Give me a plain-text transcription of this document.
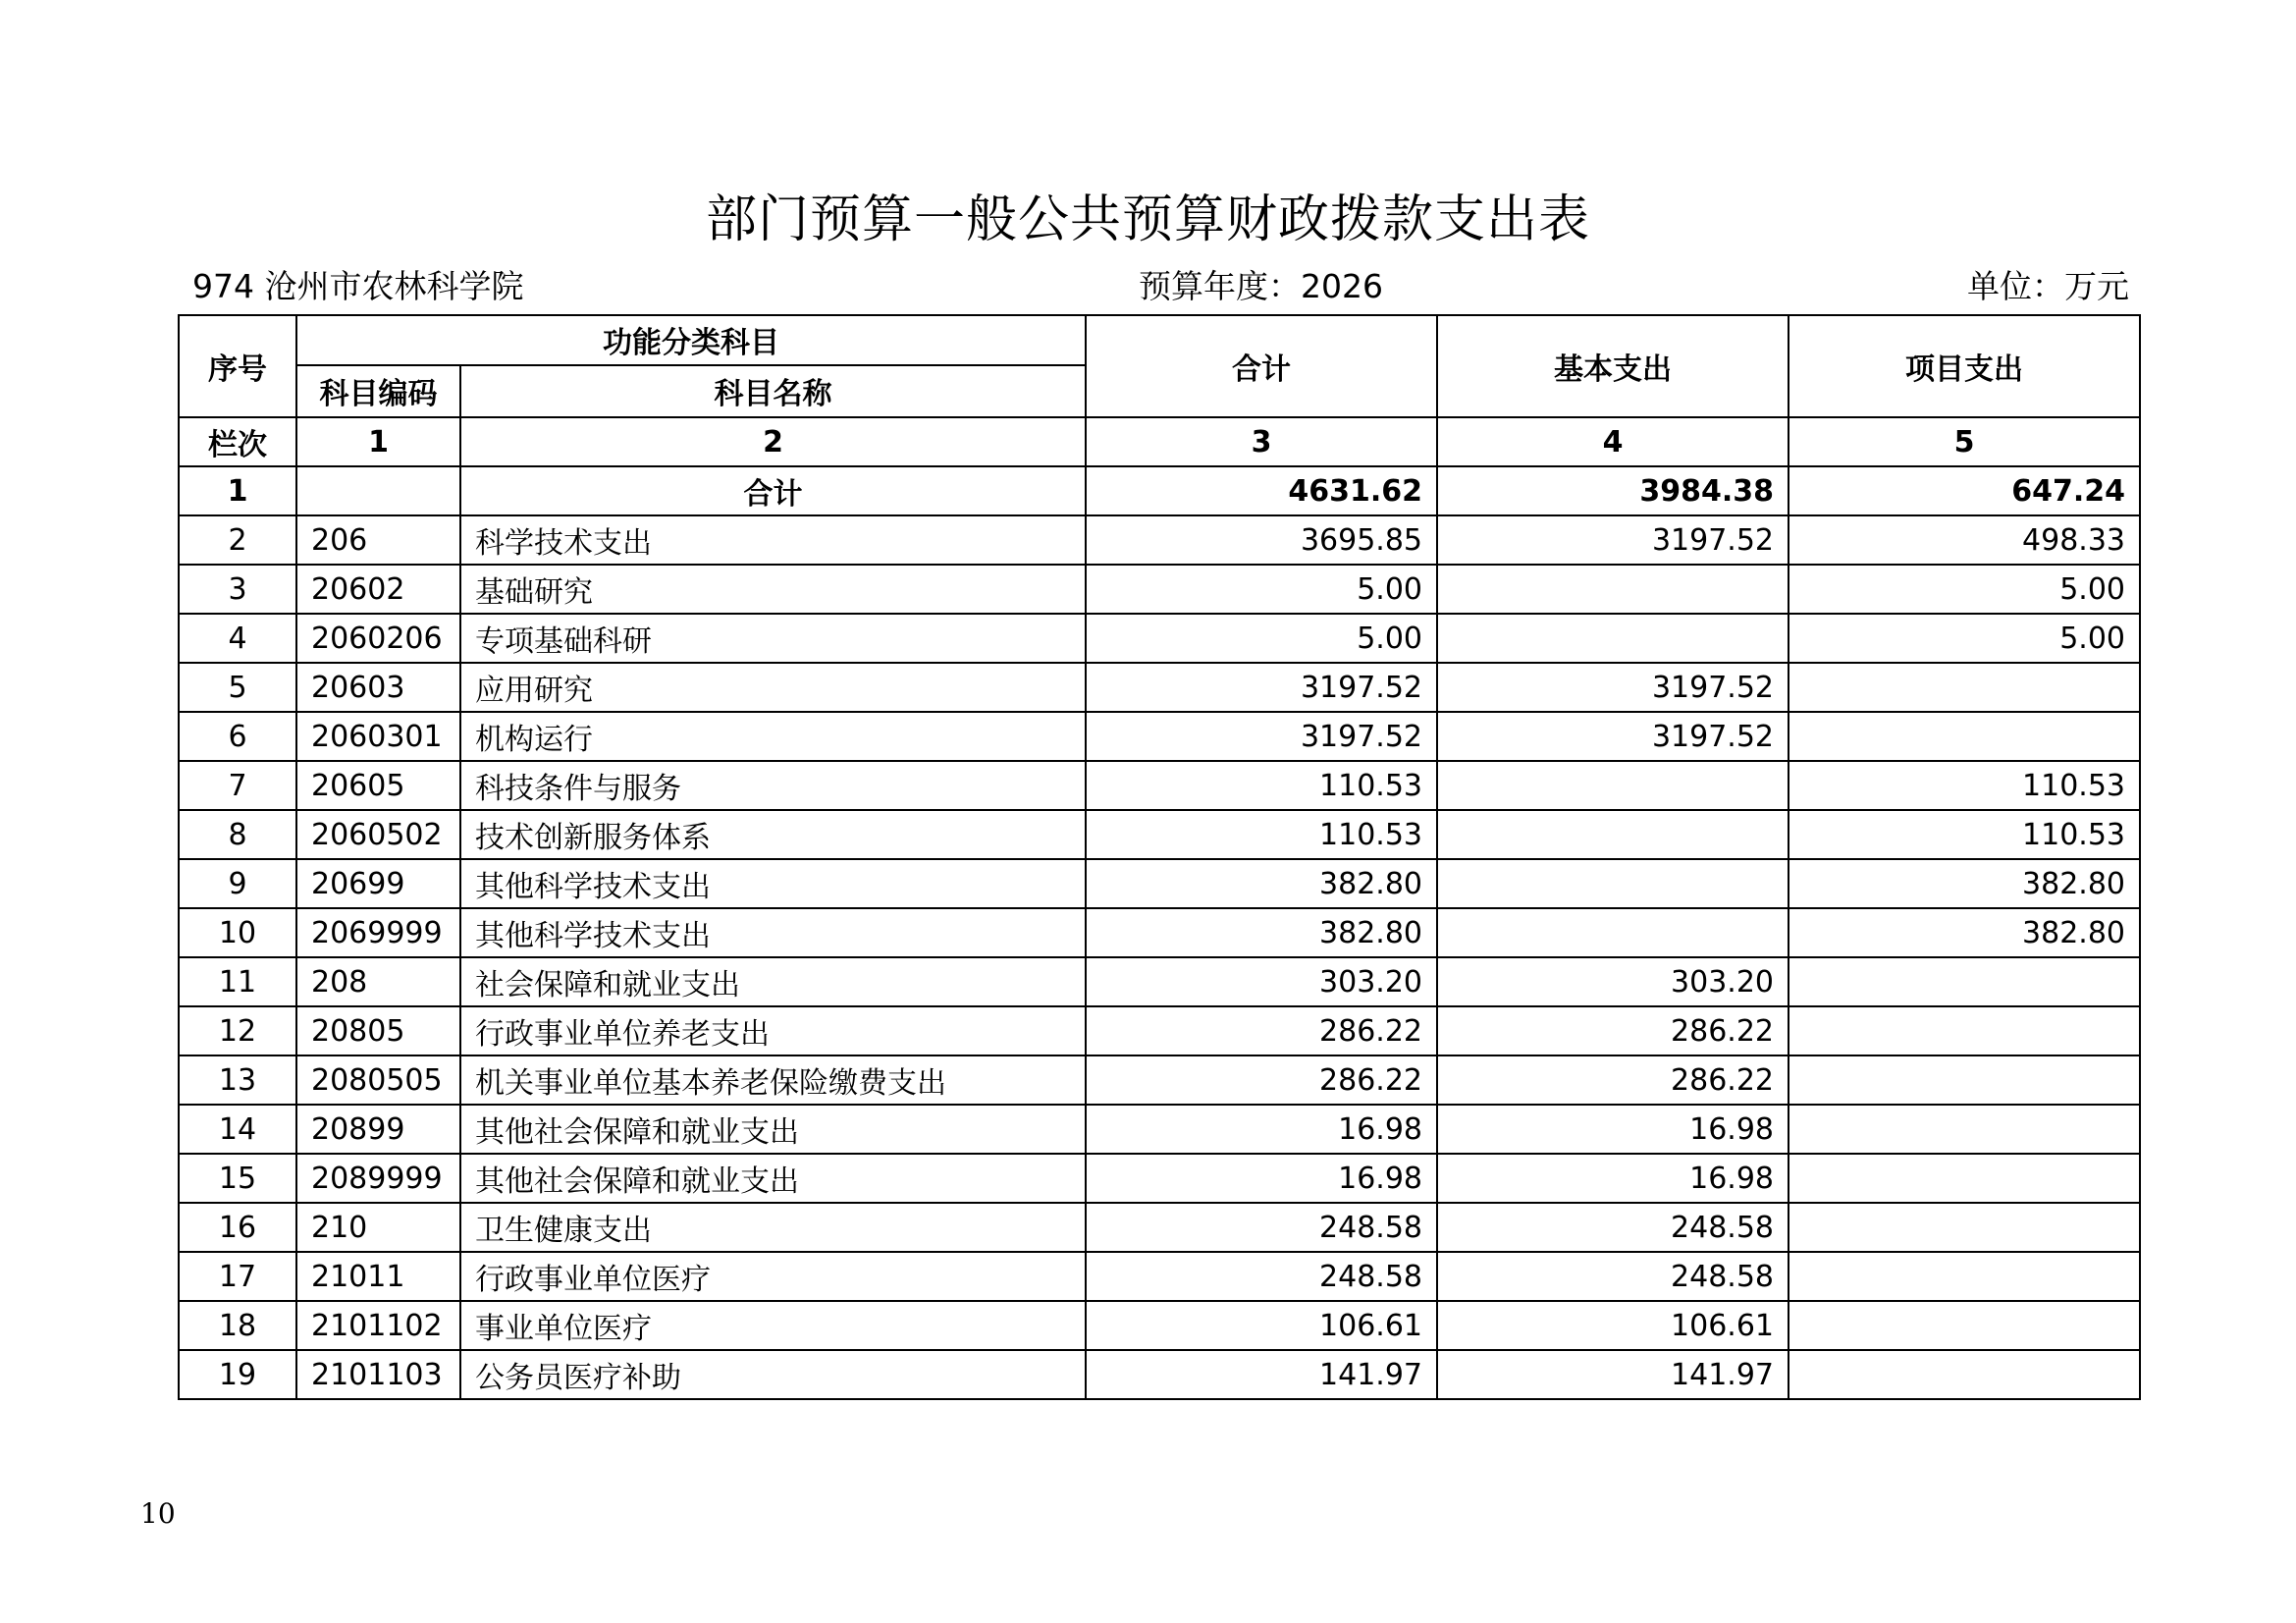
部门预算一般公共预算财政拨款支出表
974 沧州市农林科学院	预算年度：2026	单位：万元
序号	功能分类科目		合计	基本支出	项目支出
	科目编码	科目名称			
栏次	1	2	3	4	5
1		合计	4631.62	3984.38	647.24
2	206	科学技术支出	3695.85	3197.52	498.33
3	20602	基础研究	5.00		5.00
4	2060206	专项基础科研	5.00		5.00
5	20603	应用研究	3197.52	3197.52	
6	2060301	机构运行	3197.52	3197.52	
7	20605	科技条件与服务	110.53		110.53
8	2060502	技术创新服务体系	110.53		110.53
9	20699	其他科学技术支出	382.80		382.80
10	2069999	其他科学技术支出	382.80		382.80
11	208	社会保障和就业支出	303.20	303.20	
12	20805	行政事业单位养老支出	286.22	286.22	
13	2080505	机关事业单位基本养老保险缴费支出	286.22	286.22	
14	20899	其他社会保障和就业支出	16.98	16.98	
15	2089999	其他社会保障和就业支出	16.98	16.98	
16	210	卫生健康支出	248.58	248.58	
17	21011	行政事业单位医疗	248.58	248.58	
18	2101102	事业单位医疗	106.61	106.61	
19	2101103	公务员医疗补助	141.97	141.97	
10
